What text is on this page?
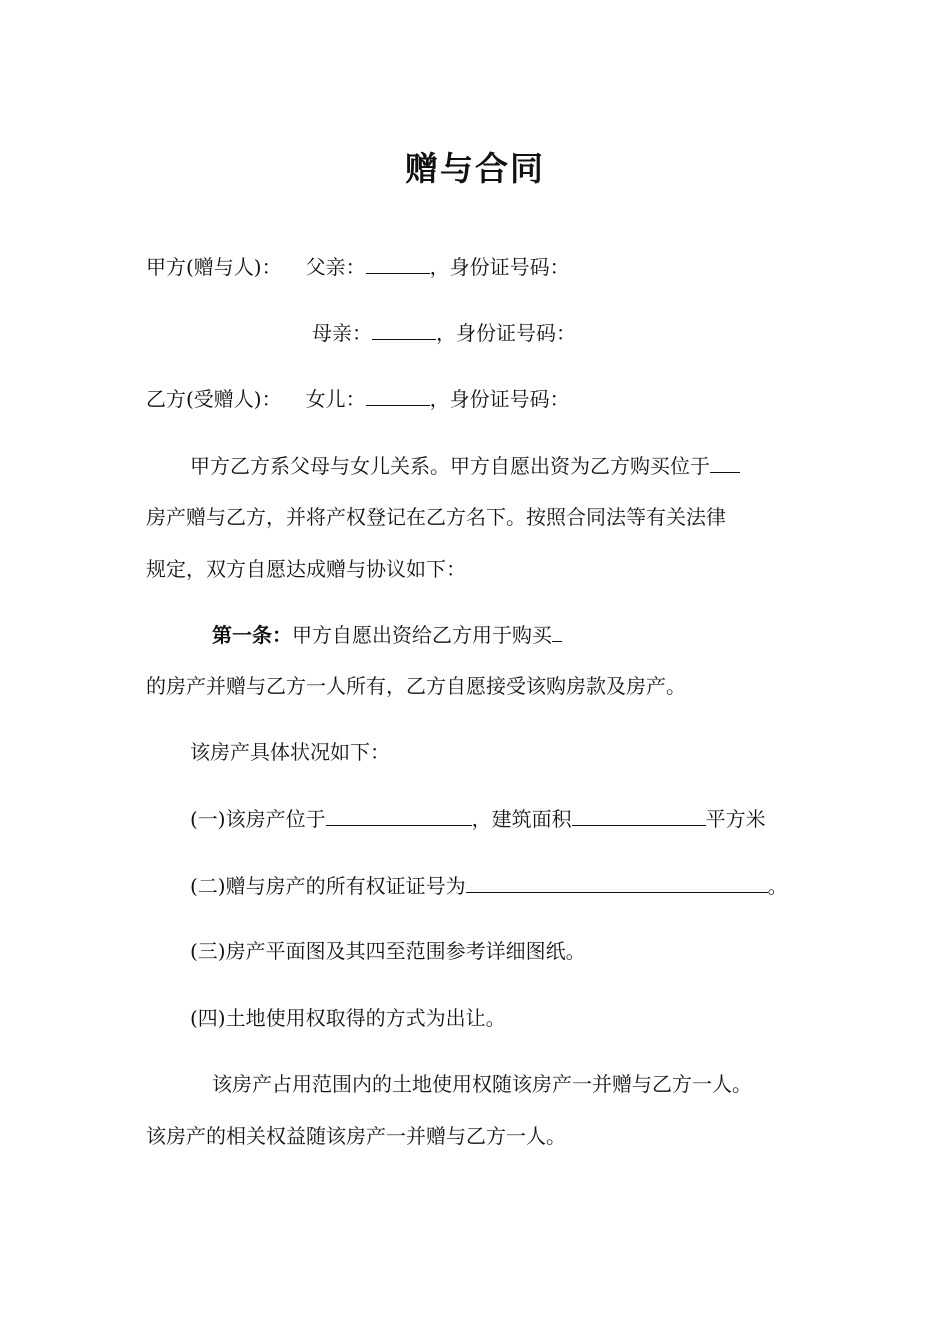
赠与合同
甲方(赠与人)： 父亲：	，身份证号码：
母亲：	，身份证号码：
乙方(受赠人)： 女儿：	，身份证号码：
甲方乙方系父母与女儿关系。甲方自愿出资为乙方购买位于
房产赠与乙方，并将产权登记在乙方名下。按照合同法等有关法律
规定，双方自愿达成赠与协议如下：
第一条：甲方自愿出资给乙方用于购买
的房产并赠与乙方一人所有，乙方自愿接受该购房款及房产。
该房产具体状况如下：
(一)该房产位于	，建筑面积	平方米
(二)赠与房产的所有权证证号为	。
(三)房产平面图及其四至范围参考详细图纸。
(四)土地使用权取得的方式为出让。
该房产占用范围内的土地使用权随该房产一并赠与乙方一人。
该房产的相关权益随该房产一并赠与乙方一人。
